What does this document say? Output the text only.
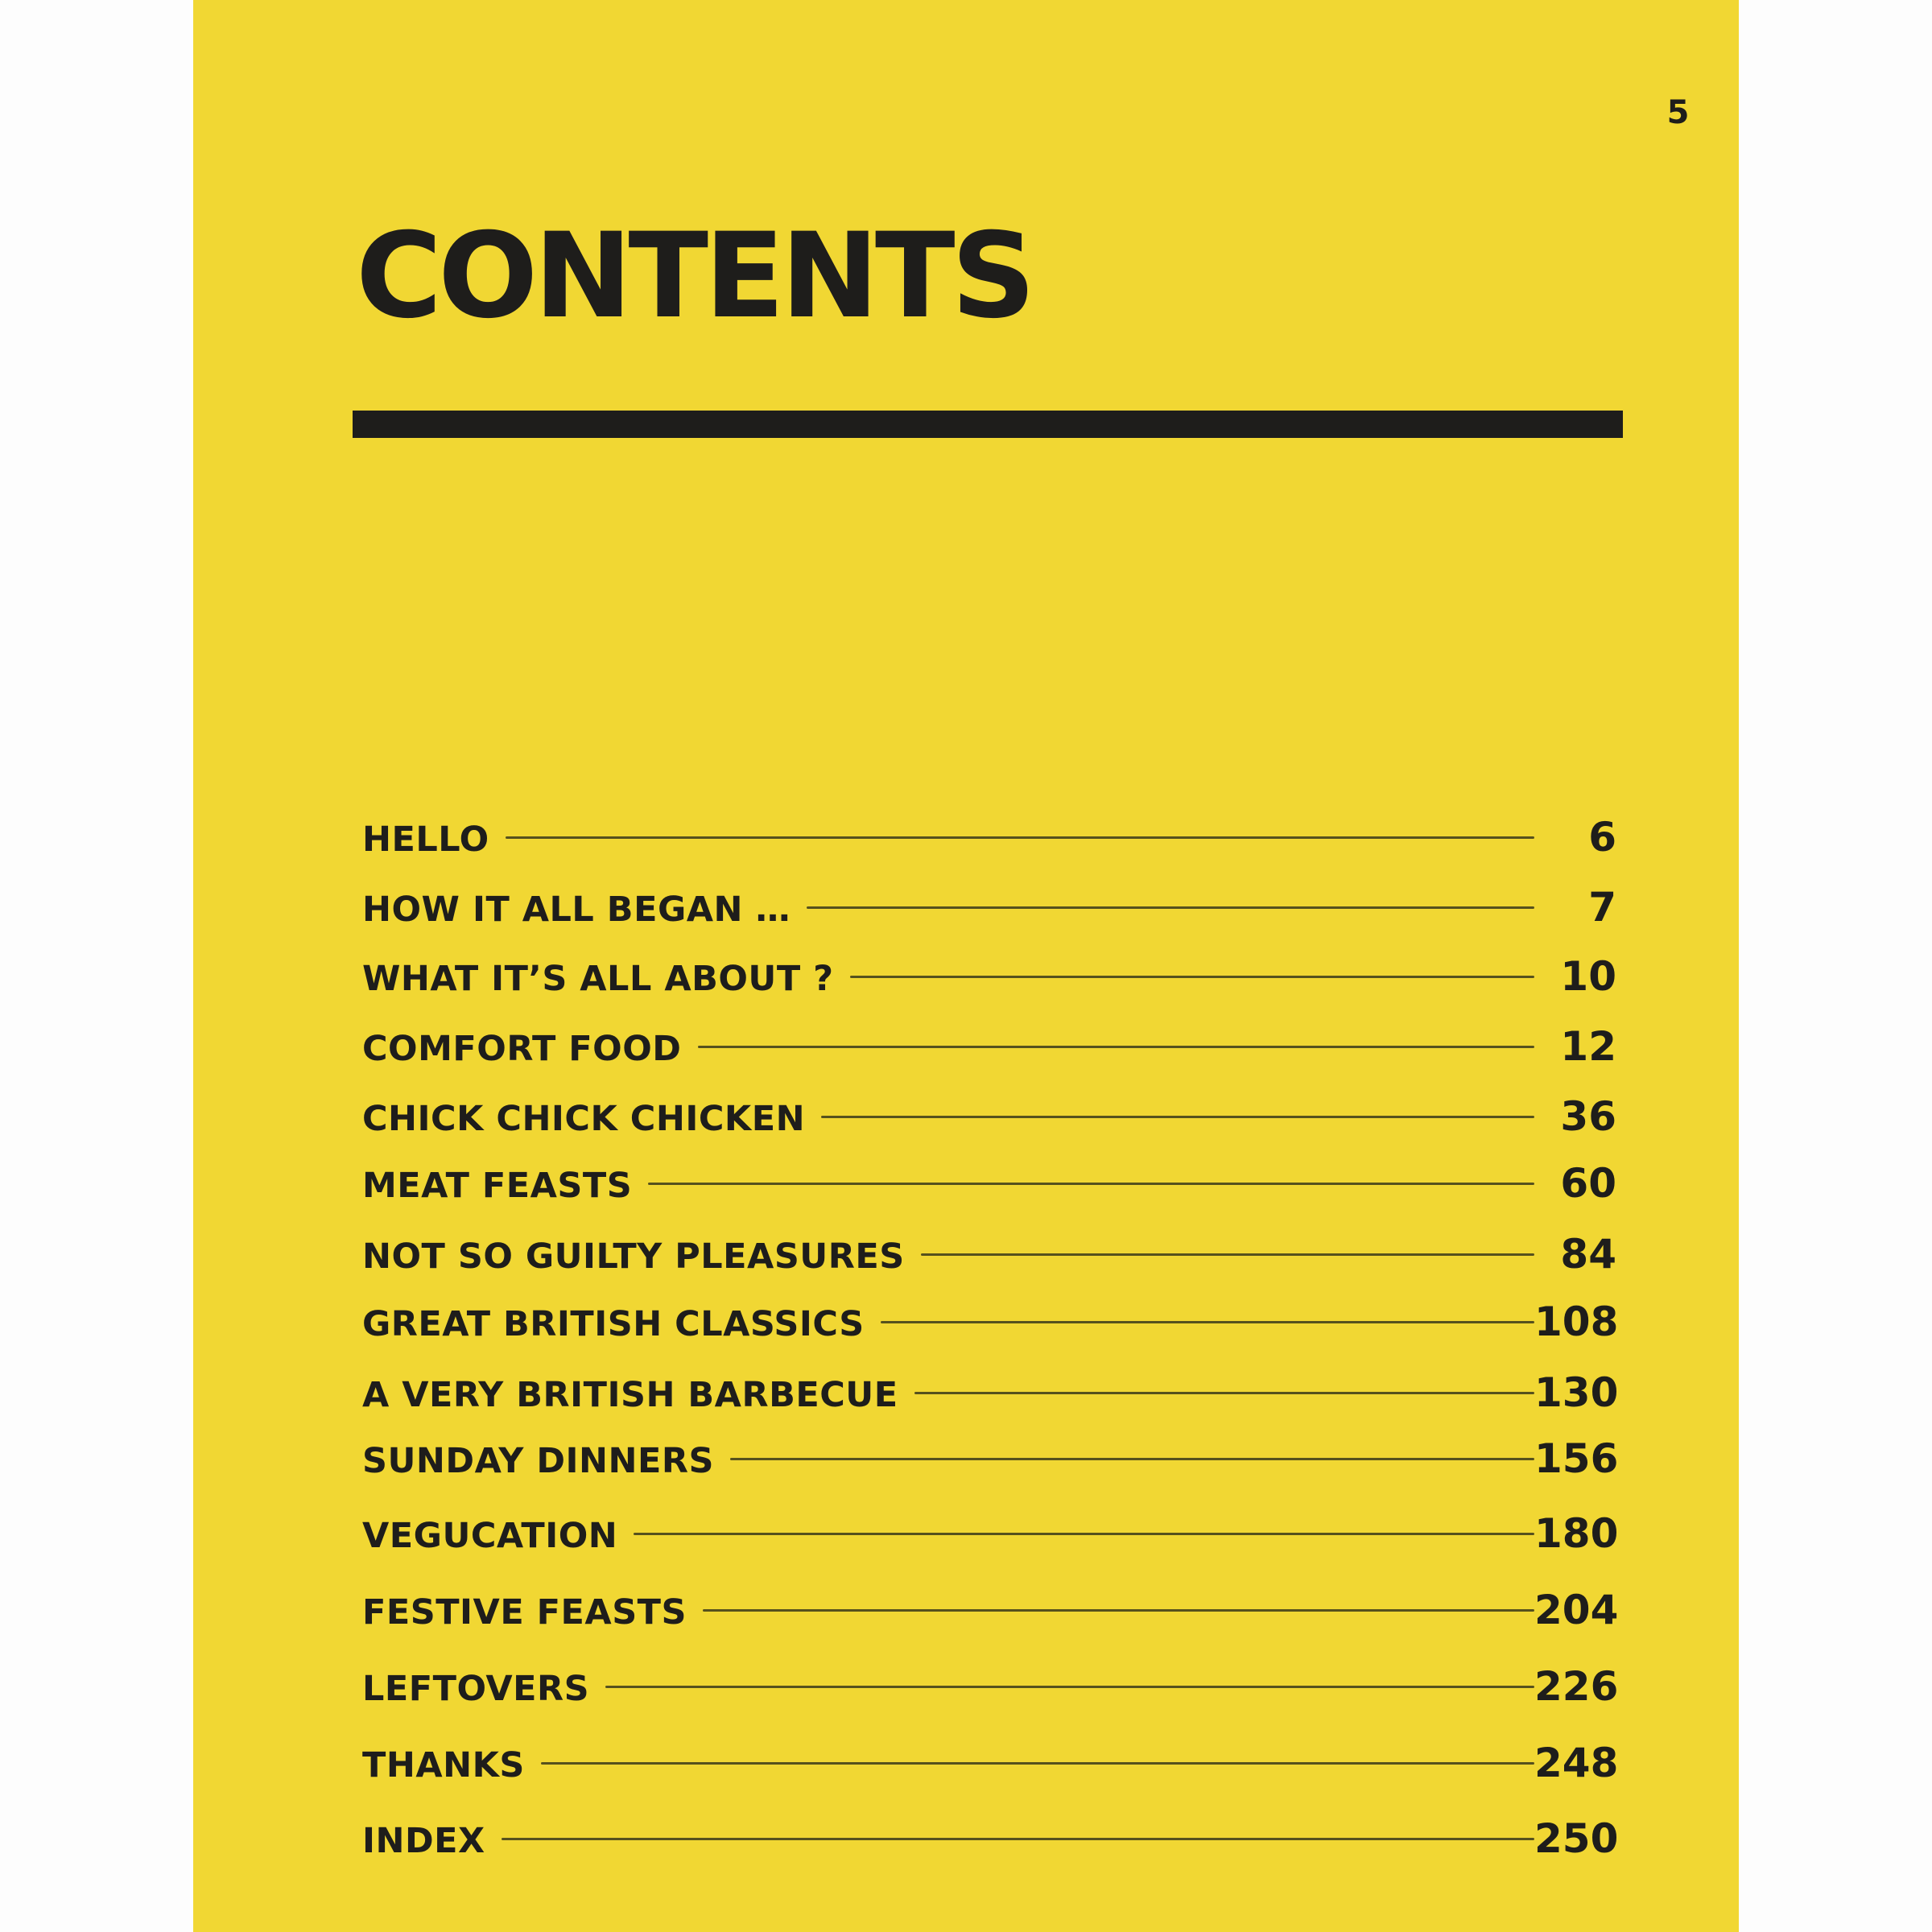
5
CONTENTS
HELLO	6
HOW IT ALL BEGAN …	7
WHAT IT’S ALL ABOUT ?	10
COMFORT FOOD	12
CHICK CHICK CHICKEN	36
MEAT FEASTS	60
NOT SO GUILTY PLEASURES	84
GREAT BRITISH CLASSICS	108
A VERY BRITISH BARBECUE	130
SUNDAY DINNERS	156
VEGUCATION	180
FESTIVE FEASTS	204
LEFTOVERS	226
THANKS	248
INDEX	250
